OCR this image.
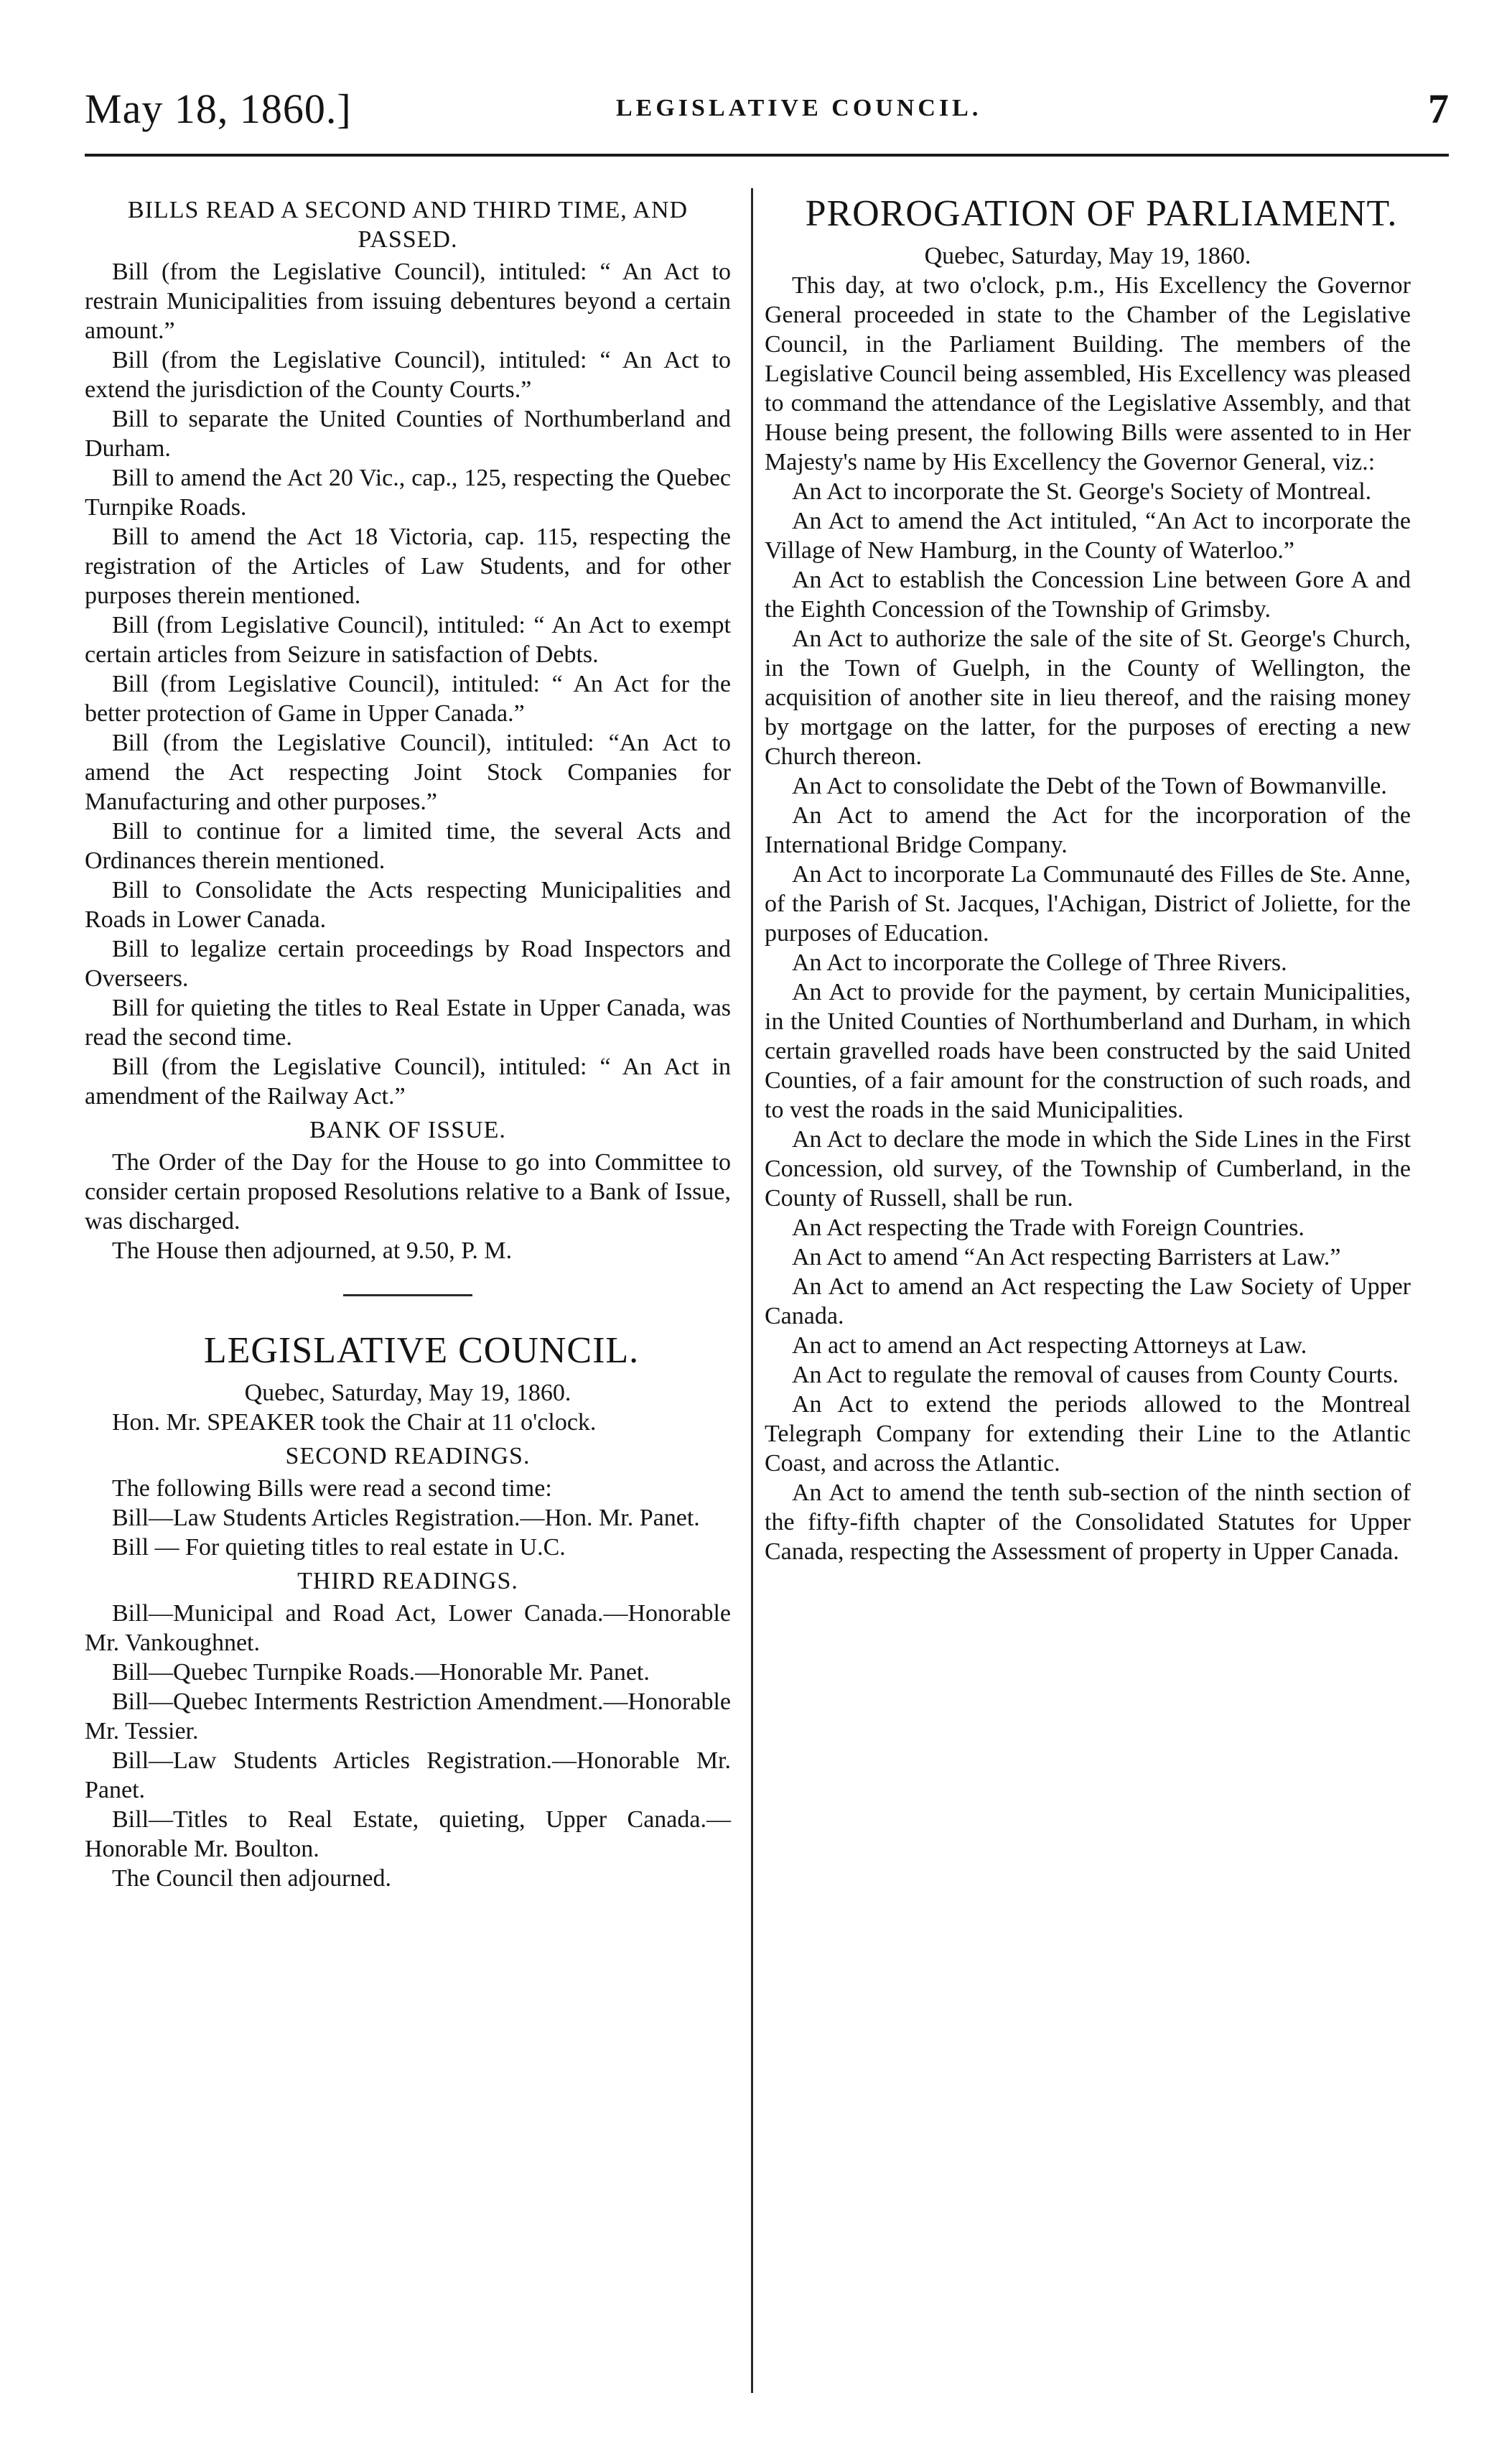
May 18, 1860.]	LEGISLATIVE COUNCIL.	7

BILLS READ A SECOND AND THIRD TIME, AND PASSED.

Bill (from the Legislative Council), intituled: “ An Act to restrain Municipalities from issuing debentures beyond a certain amount.”

Bill (from the Legislative Council), intituled: “ An Act to extend the jurisdiction of the County Courts.”

Bill to separate the United Counties of Northumberland and Durham.

Bill to amend the Act 20 Vic., cap., 125, respecting the Quebec Turnpike Roads.

Bill to amend the Act 18 Victoria, cap. 115, respecting the registration of the Articles of Law Students, and for other purposes therein mentioned.

Bill (from Legislative Council), intituled: “ An Act to exempt certain articles from Seizure in satisfaction of Debts.

Bill (from Legislative Council), intituled: “ An Act for the better protection of Game in Upper Canada.”

Bill (from the Legislative Council), intituled: “An Act to amend the Act respecting Joint Stock Companies for Manufacturing and other purposes.”

Bill to continue for a limited time, the several Acts and Ordinances therein mentioned.

Bill to Consolidate the Acts respecting Municipalities and Roads in Lower Canada.

Bill to legalize certain proceedings by Road Inspectors and Overseers.

Bill for quieting the titles to Real Estate in Upper Canada, was read the second time.

Bill (from the Legislative Council), intituled: “ An Act in amendment of the Railway Act.”

BANK OF ISSUE.

The Order of the Day for the House to go into Committee to consider certain proposed Resolutions relative to a Bank of Issue, was discharged.

The House then adjourned, at 9.50, P. M.

LEGISLATIVE COUNCIL.

Quebec, Saturday, May 19, 1860.

Hon. Mr. SPEAKER took the Chair at 11 o'clock.

SECOND READINGS.

The following Bills were read a second time:

Bill—Law Students Articles Registration.—Hon. Mr. Panet.

Bill — For quieting titles to real estate in U.C.

THIRD READINGS.

Bill—Municipal and Road Act, Lower Canada.—Honorable Mr. Vankoughnet.

Bill—Quebec Turnpike Roads.—Honorable Mr. Panet.

Bill—Quebec Interments Restriction Amendment.—Honorable Mr. Tessier.

Bill—Law Students Articles Registration.—Honorable Mr. Panet.

Bill—Titles to Real Estate, quieting, Upper Canada.—Honorable Mr. Boulton.

The Council then adjourned.

PROROGATION OF PARLIAMENT.

Quebec, Saturday, May 19, 1860.

This day, at two o'clock, p.m., His Excellency the Governor General proceeded in state to the Chamber of the Legislative Council, in the Parliament Building. The members of the Legislative Council being assembled, His Excellency was pleased to command the attendance of the Legislative Assembly, and that House being present, the following Bills were assented to in Her Majesty's name by His Excellency the Governor General, viz.:

An Act to incorporate the St. George's Society of Montreal.

An Act to amend the Act intituled, “An Act to incorporate the Village of New Hamburg, in the County of Waterloo.”

An Act to establish the Concession Line between Gore A and the Eighth Concession of the Township of Grimsby.

An Act to authorize the sale of the site of St. George's Church, in the Town of Guelph, in the County of Wellington, the acquisition of another site in lieu thereof, and the raising money by mortgage on the latter, for the purposes of erecting a new Church thereon.

An Act to consolidate the Debt of the Town of Bowmanville.

An Act to amend the Act for the incorporation of the International Bridge Company.

An Act to incorporate La Communauté des Filles de Ste. Anne, of the Parish of St. Jacques, l'Achigan, District of Joliette, for the purposes of Education.

An Act to incorporate the College of Three Rivers.

An Act to provide for the payment, by certain Municipalities, in the United Counties of Northumberland and Durham, in which certain gravelled roads have been constructed by the said United Counties, of a fair amount for the construction of such roads, and to vest the roads in the said Municipalities.

An Act to declare the mode in which the Side Lines in the First Concession, old survey, of the Township of Cumberland, in the County of Russell, shall be run.

An Act respecting the Trade with Foreign Countries.

An Act to amend “An Act respecting Barristers at Law.”

An Act to amend an Act respecting the Law Society of Upper Canada.

An act to amend an Act respecting Attorneys at Law.

An Act to regulate the removal of causes from County Courts.

An Act to extend the periods allowed to the Montreal Telegraph Company for extending their Line to the Atlantic Coast, and across the Atlantic.

An Act to amend the tenth sub-section of the ninth section of the fifty-fifth chapter of the Consolidated Statutes for Upper Canada, respecting the Assessment of property in Upper Canada.
